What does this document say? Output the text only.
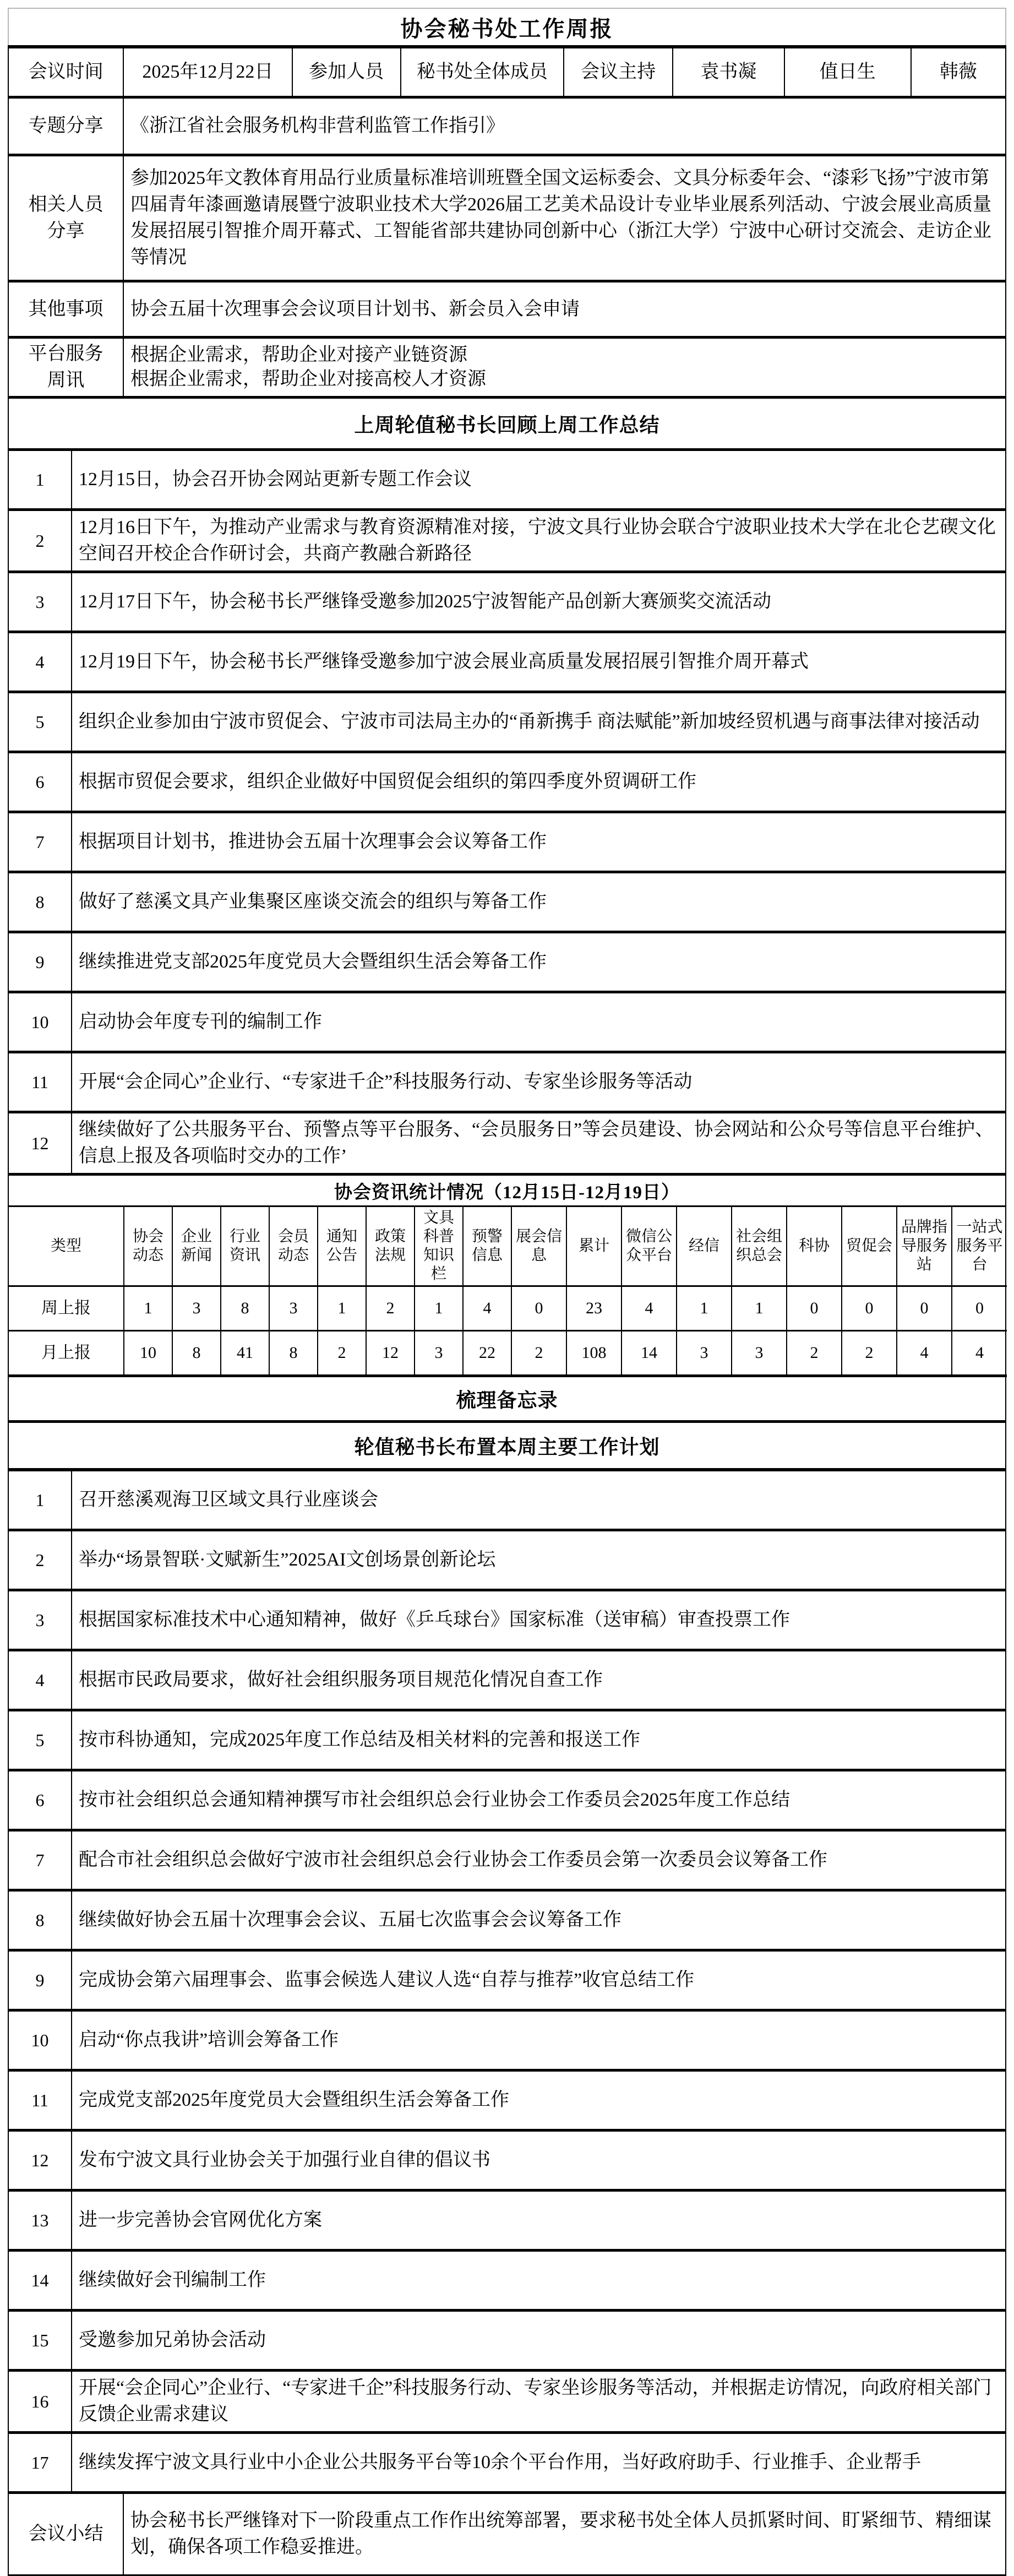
协会秘书处工作周报
会议时间	2025年12月22日	参加人员	秘书处全体成员	会议主持	袁书凝	值日生	韩薇
专题分享	《浙江省社会服务机构非营利监管工作指引》
相关人员分享	参加2025年文教体育用品行业质量标准培训班暨全国文运标委会、文具分标委年会、“漆彩飞扬”宁波市第四届青年漆画邀请展暨宁波职业技术大学2026届工艺美术品设计专业毕业展系列活动、宁波会展业高质量发展招展引智推介周开幕式、工智能省部共建协同创新中心（浙江大学）宁波中心研讨交流会、走访企业等情况
其他事项	协会五届十次理事会会议项目计划书、新会员入会申请
平台服务周讯	根据企业需求，帮助企业对接产业链资源
根据企业需求，帮助企业对接高校人才资源
上周轮值秘书长回顾上周工作总结
1	12月15日，协会召开协会网站更新专题工作会议
2	12月16日下午，为推动产业需求与教育资源精准对接，宁波文具行业协会联合宁波职业技术大学在北仑艺碶文化空间召开校企合作研讨会，共商产教融合新路径
3	12月17日下午，协会秘书长严继锋受邀参加2025宁波智能产品创新大赛颁奖交流活动
4	12月19日下午，协会秘书长严继锋受邀参加宁波会展业高质量发展招展引智推介周开幕式
5	组织企业参加由宁波市贸促会、宁波市司法局主办的“甬新携手 商法赋能”新加坡经贸机遇与商事法律对接活动
6	根据市贸促会要求，组织企业做好中国贸促会组织的第四季度外贸调研工作
7	根据项目计划书，推进协会五届十次理事会会议筹备工作
8	做好了慈溪文具产业集聚区座谈交流会的组织与筹备工作
9	继续推进党支部2025年度党员大会暨组织生活会筹备工作
10	启动协会年度专刊的编制工作
11	开展“会企同心”企业行、“专家进千企”科技服务行动、专家坐诊服务等活动
12	继续做好了公共服务平台、预警点等平台服务、“会员服务日”等会员建设、协会网站和公众号等信息平台维护、信息上报及各项临时交办的工作’
协会资讯统计情况（12月15日-12月19日）
类型	协会动态	企业新闻	行业资讯	会员动态	通知公告	政策法规	文具科普知识栏	预警信息	展会信息	累计	微信公众平台	经信	社会组织总会	科协	贸促会	品牌指导服务站	一站式服务平台
周上报	1	3	8	3	1	2	1	4	0	23	4	1	1	0	0	0	0
月上报	10	8	41	8	2	12	3	22	2	108	14	3	3	2	2	4	4
梳理备忘录
轮值秘书长布置本周主要工作计划
1	召开慈溪观海卫区域文具行业座谈会
2	举办“场景智联·文赋新生”2025AI文创场景创新论坛
3	根据国家标准技术中心通知精神，做好《乒乓球台》国家标准（送审稿）审查投票工作
4	根据市民政局要求，做好社会组织服务项目规范化情况自查工作
5	按市科协通知，完成2025年度工作总结及相关材料的完善和报送工作
6	按市社会组织总会通知精神撰写市社会组织总会行业协会工作委员会2025年度工作总结
7	配合市社会组织总会做好宁波市社会组织总会行业协会工作委员会第一次委员会议筹备工作
8	继续做好协会五届十次理事会会议、五届七次监事会会议筹备工作
9	完成协会第六届理事会、监事会候选人建议人选“自荐与推荐”收官总结工作
10	启动“你点我讲”培训会筹备工作
11	完成党支部2025年度党员大会暨组织生活会筹备工作
12	发布宁波文具行业协会关于加强行业自律的倡议书
13	进一步完善协会官网优化方案
14	继续做好会刊编制工作
15	受邀参加兄弟协会活动
16	开展“会企同心”企业行、“专家进千企”科技服务行动、专家坐诊服务等活动，并根据走访情况，向政府相关部门反馈企业需求建议
17	继续发挥宁波文具行业中小企业公共服务平台等10余个平台作用，当好政府助手、行业推手、企业帮手
会议小结	协会秘书长严继锋对下一阶段重点工作作出统筹部署，要求秘书处全体人员抓紧时间、盯紧细节、精细谋划，确保各项工作稳妥推进。
